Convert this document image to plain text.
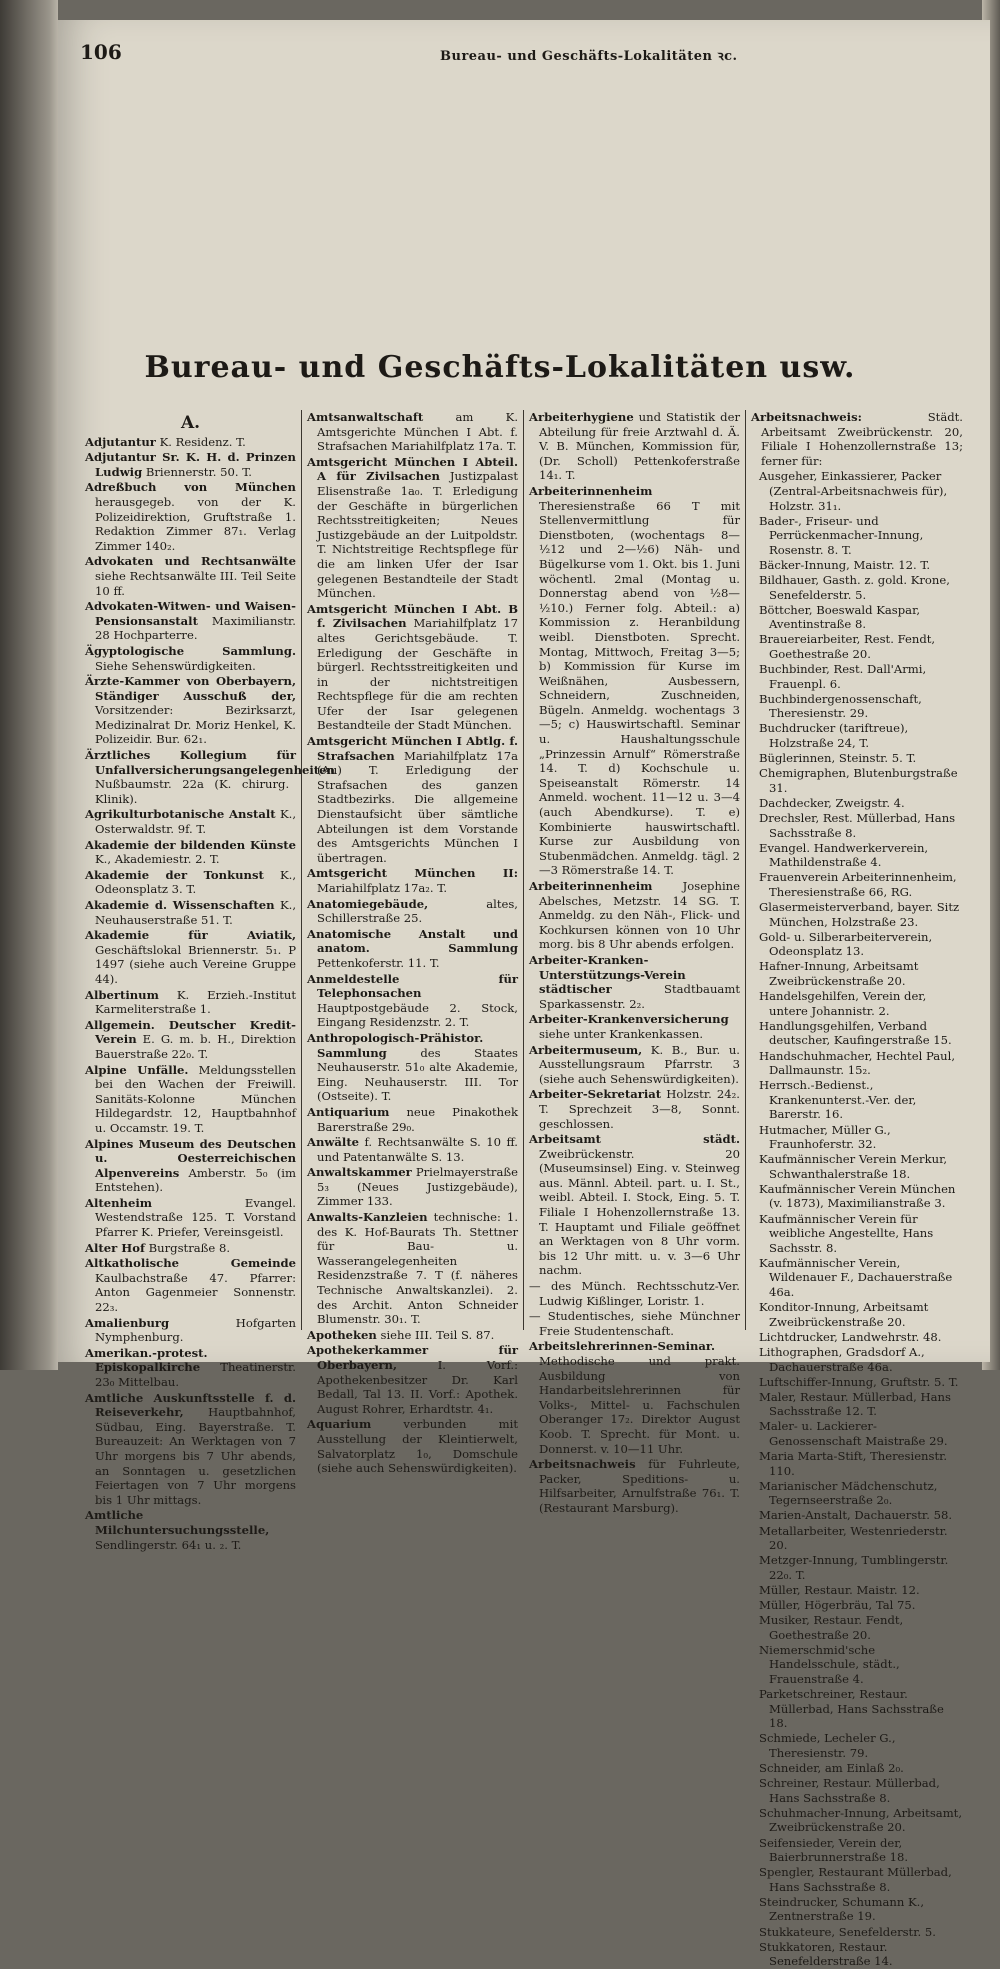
106	Bureau- und Geschäfts-Lokalitäten ꝛc.
Bureau- und Geschäfts-Lokalitäten usw.
A.
Adjutantur K. Residenz. T.
Adjutantur Sr. K. H. d. Prinzen Ludwig Briennerstr. 50. T.
Adreßbuch von München herausgegeb. von der K. Polizeidirektion, Gruftstraße 1. Redaktion Zimmer 87₁. Verlag Zimmer 140₂.
Advokaten und Rechtsanwälte siehe Rechtsanwälte III. Teil Seite 10 ff.
Advokaten-Witwen- und Waisen-Pensionsanstalt Maximilianstr. 28 Hochparterre.
Ägyptologische Sammlung. Siehe Sehenswürdigkeiten.
Ärzte-Kammer von Oberbayern, Ständiger Ausschuß der, Vorsitzender: Bezirksarzt, Medizinalrat Dr. Moriz Henkel, K. Polizeidir. Bur. 62₁.
Ärztliches Kollegium für Unfallversicherungsangelegenheiten Nußbaumstr. 22a (K. chirurg. Klinik).
Agrikulturbotanische Anstalt K., Osterwaldstr. 9f. T.
Akademie der bildenden Künste K., Akademiestr. 2. T.
Akademie der Tonkunst K., Odeonsplatz 3. T.
Akademie d. Wissenschaften K., Neuhauserstraße 51. T.
Akademie für Aviatik, Geschäftslokal Briennerstr. 5₁. P 1497 (siehe auch Vereine Gruppe 44).
Albertinum K. Erzieh.-Institut Karmeliterstraße 1.
Allgemein. Deutscher Kredit-Verein E. G. m. b. H., Direktion Bauerstraße 22₀. T.
Alpine Unfälle. Meldungsstellen bei den Wachen der Freiwill. Sanitäts-Kolonne München Hildegardstr. 12, Hauptbahnhof u. Occamstr. 19. T.
Alpines Museum des Deutschen u. Oesterreichischen Alpenvereins Amberstr. 5₀ (im Entstehen).
Altenheim Evangel. Westendstraße 125. T. Vorstand Pfarrer K. Priefer, Vereinsgeistl.
Alter Hof Burgstraße 8.
Altkatholische Gemeinde Kaulbachstraße 47. Pfarrer: Anton Gagenmeier Sonnenstr. 22₃.
Amalienburg Hofgarten Nymphenburg.
Amerikan.-protest. Episkopalkirche Theatinerstr. 23₀ Mittelbau.
Amtliche Auskunftsstelle f. d. Reiseverkehr, Hauptbahnhof, Südbau, Eing. Bayerstraße. T. Bureauzeit: An Werktagen von 7 Uhr morgens bis 7 Uhr abends, an Sonntagen u. gesetzlichen Feiertagen von 7 Uhr morgens bis 1 Uhr mittags.
Amtliche Milchuntersuchungsstelle, Sendlingerstr. 64₁ u. ₂. T.
Amtsanwaltschaft am K. Amtsgerichte München I Abt. f. Strafsachen Mariahilfplatz 17a. T.
Amtsgericht München I Abteil. A für Zivilsachen Justizpalast Elisenstraße 1a₀. T. Erledigung der Geschäfte in bürgerlichen Rechtsstreitigkeiten; Neues Justizgebäude an der Luitpoldstr. T. Nichtstreitige Rechtspflege für die am linken Ufer der Isar gelegenen Bestandteile der Stadt München.
Amtsgericht München I Abt. B f. Zivilsachen Mariahilfplatz 17 altes Gerichtsgebäude. T. Erledigung der Geschäfte in bürgerl. Rechtsstreitigkeiten und in der nichtstreitigen Rechtspflege für die am rechten Ufer der Isar gelegenen Bestandteile der Stadt München.
Amtsgericht München I Abtlg. f. Strafsachen Mariahilfplatz 17a (Au) T. Erledigung der Strafsachen des ganzen Stadtbezirks. Die allgemeine Dienstaufsicht über sämtliche Abteilungen ist dem Vorstande des Amtsgerichts München I übertragen.
Amtsgericht München II: Mariahilfplatz 17a₂. T.
Anatomiegebäude, altes, Schillerstraße 25.
Anatomische Anstalt und anatom. Sammlung Pettenkoferstr. 11. T.
Anmeldestelle für Telephonsachen Hauptpostgebäude 2. Stock, Eingang Residenzstr. 2. T.
Anthropologisch-Prähistor. Sammlung des Staates Neuhauserstr. 51₀ alte Akademie, Eing. Neuhauserstr. III. Tor (Ostseite). T.
Antiquarium neue Pinakothek Barerstraße 29₀.
Anwälte f. Rechtsanwälte S. 10 ff. und Patentanwälte S. 13.
Anwaltskammer Prielmayerstraße 5₃ (Neues Justizgebäude), Zimmer 133.
Anwalts-Kanzleien technische: 1. des K. Hof-Baurats Th. Stettner für Bau- u. Wasserangelegenheiten Residenzstraße 7. T (f. näheres Technische Anwaltskanzlei). 2. des Archit. Anton Schneider Blumenstr. 30₁. T.
Apotheken siehe III. Teil S. 87.
Apothekerkammer für Oberbayern, I. Vorf.: Apothekenbesitzer Dr. Karl Bedall, Tal 13. II. Vorf.: Apothek. August Rohrer, Erhardtstr. 4₁.
Aquarium verbunden mit Ausstellung der Kleintierwelt, Salvatorplatz 1₀, Domschule (siehe auch Sehenswürdigkeiten).
Arbeiterhygiene und Statistik der Abteilung für freie Arztwahl d. Ä. V. B. München, Kommission für, (Dr. Scholl) Pettenkoferstraße 14₁. T.
Arbeiterinnenheim Theresienstraße 66 T mit Stellenvermittlung für Dienstboten, (wochentags 8—½12 und 2—½6) Näh- und Bügelkurse vom 1. Okt. bis 1. Juni wöchentl. 2mal (Montag u. Donnerstag abend von ½8—½10.) Ferner folg. Abteil.: a) Kommission z. Heranbildung weibl. Dienstboten. Sprecht. Montag, Mittwoch, Freitag 3—5; b) Kommission für Kurse im Weißnähen, Ausbessern, Schneidern, Zuschneiden, Bügeln. Anmeldg. wochentags 3—5; c) Hauswirtschaftl. Seminar u. Haushaltungsschule „Prinzessin Arnulf“ Römerstraße 14. T. d) Kochschule u. Speiseanstalt Römerstr. 14 Anmeld. wochent. 11—12 u. 3—4 (auch Abendkurse). T. e) Kombinierte hauswirtschaftl. Kurse zur Ausbildung von Stubenmädchen. Anmeldg. tägl. 2—3 Römerstraße 14. T.
Arbeiterinnenheim Josephine Abelsches, Metzstr. 14 SG. T. Anmeldg. zu den Näh-, Flick- und Kochkursen können von 10 Uhr morg. bis 8 Uhr abends erfolgen.
Arbeiter-Kranken-Unterstützungs-Verein städtischer Stadtbauamt Sparkassenstr. 2₂.
Arbeiter-Krankenversicherung siehe unter Krankenkassen.
Arbeitermuseum, K. B., Bur. u. Ausstellungsraum Pfarrstr. 3 (siehe auch Sehenswürdigkeiten).
Arbeiter-Sekretariat Holzstr. 24₂. T. Sprechzeit 3—8, Sonnt. geschlossen.
Arbeitsamt städt. Zweibrückenstr. 20 (Museumsinsel) Eing. v. Steinweg aus. Männl. Abteil. part. u. I. St., weibl. Abteil. I. Stock, Eing. 5. T. Filiale I Hohenzollernstraße 13. T. Hauptamt und Filiale geöffnet an Werktagen von 8 Uhr vorm. bis 12 Uhr mitt. u. v. 3—6 Uhr nachm.
— des Münch. Rechtsschutz-Ver. Ludwig Kißlinger, Loristr. 1.
— Studentisches, siehe Münchner Freie Studentenschaft.
Arbeitslehrerinnen-Seminar. Methodische und prakt. Ausbildung von Handarbeitslehrerinnen für Volks-, Mittel- u. Fachschulen Oberanger 17₂. Direktor August Koob. T. Sprecht. für Mont. u. Donnerst. v. 10—11 Uhr.
Arbeitsnachweis für Fuhrleute, Packer, Speditions- u. Hilfsarbeiter, Arnulfstraße 76₁. T. (Restaurant Marsburg).
Arbeitsnachweis: Städt. Arbeitsamt Zweibrückenstr. 20, Filiale I Hohenzollernstraße 13; ferner für:
Ausgeher, Einkassierer, Packer (Zentral-Arbeitsnachweis für), Holzstr. 31₁.
Bader-, Friseur- und Perrückenmacher-Innung, Rosenstr. 8. T.
Bäcker-Innung, Maistr. 12. T.
Bildhauer, Gasth. z. gold. Krone, Senefelderstr. 5.
Böttcher, Boeswald Kaspar, Aventinstraße 8.
Brauereiarbeiter, Rest. Fendt, Goethestraße 20.
Buchbinder, Rest. Dall'Armi, Frauenpl. 6.
Buchbindergenossenschaft, Theresienstr. 29.
Buchdrucker (tariftreue), Holzstraße 24, T.
Büglerinnen, Steinstr. 5. T.
Chemigraphen, Blutenburgstraße 31.
Dachdecker, Zweigstr. 4.
Drechsler, Rest. Müllerbad, Hans Sachsstraße 8.
Evangel. Handwerkerverein, Mathildenstraße 4.
Frauenverein Arbeiterinnenheim, Theresienstraße 66, RG.
Glasermeisterverband, bayer. Sitz München, Holzstraße 23.
Gold- u. Silberarbeiterverein, Odeonsplatz 13.
Hafner-Innung, Arbeitsamt Zweibrückenstraße 20.
Handelsgehilfen, Verein der, untere Johannistr. 2.
Handlungsgehilfen, Verband deutscher, Kaufingerstraße 15.
Handschuhmacher, Hechtel Paul, Dallmaunstr. 15₂.
Herrsch.-Bedienst., Krankenunterst.-Ver. der, Barerstr. 16.
Hutmacher, Müller G., Fraunhoferstr. 32.
Kaufmännischer Verein Merkur, Schwanthalerstraße 18.
Kaufmännischer Verein München (v. 1873), Maximilianstraße 3.
Kaufmännischer Verein für weibliche Angestellte, Hans Sachsstr. 8.
Kaufmännischer Verein, Wildenauer F., Dachauerstraße 46a.
Konditor-Innung, Arbeitsamt Zweibrückenstraße 20.
Lichtdrucker, Landwehrstr. 48.
Lithographen, Gradsdorf A., Dachauerstraße 46a.
Luftschiffer-Innung, Gruftstr. 5. T.
Maler, Restaur. Müllerbad, Hans Sachsstraße 12. T.
Maler- u. Lackierer-Genossenschaft Maistraße 29.
Maria Marta-Stift, Theresienstr. 110.
Marianischer Mädchenschutz, Tegernseerstraße 2₀.
Marien-Anstalt, Dachauerstr. 58.
Metallarbeiter, Westenriederstr. 20.
Metzger-Innung, Tumblingerstr. 22₀. T.
Müller, Restaur. Maistr. 12.
Müller, Högerbräu, Tal 75.
Musiker, Restaur. Fendt, Goethestraße 20.
Niemerschmid'sche Handelsschule, städt., Frauenstraße 4.
Parketschreiner, Restaur. Müllerbad, Hans Sachsstraße 18.
Schmiede, Lecheler G., Theresienstr. 79.
Schneider, am Einlaß 2₀.
Schreiner, Restaur. Müllerbad, Hans Sachsstraße 8.
Schuhmacher-Innung, Arbeitsamt, Zweibrückenstraße 20.
Seifensieder, Verein der, Baierbrunnerstraße 18.
Spengler, Restaurant Müllerbad, Hans Sachsstraße 8.
Steindrucker, Schumann K., Zentnerstraße 19.
Stukkateure, Senefelderstr. 5.
Stukkatoren, Restaur. Senefelderstraße 14.
